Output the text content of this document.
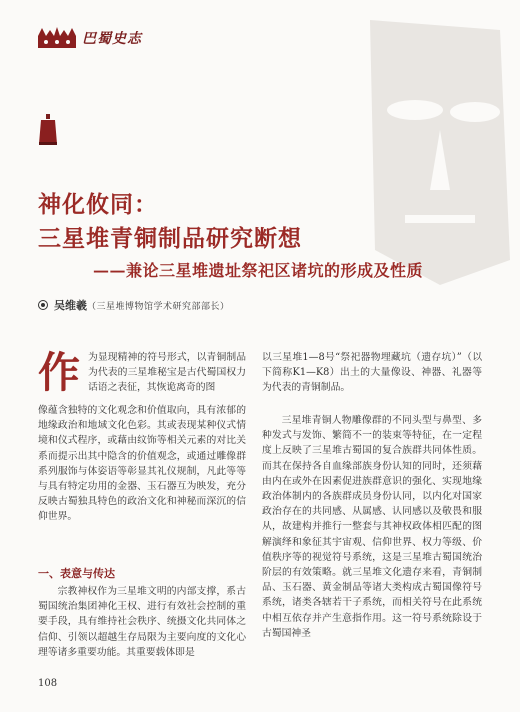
巴蜀史志
神化攸同：
三星堆青铜制品研究断想
——兼论三星堆遗址祭祀区诸坑的形成及性质
吴维羲（三星堆博物馆学术研究部部长）
作 为显现精神的符号形式，以青铜制品为代表的三星堆秘宝是古代蜀国权力话语之表征，其恢诡离奇的图

像蕴含独特的文化观念和价值取向，具有浓郁的地缘政治和地域文化色彩。其或表现某种仪式情境和仪式程序，或藉由纹饰等相关元素的对比关系而提示出其中隐含的价值观念，或通过雕像群系列服饰与体姿语等彰显其礼仪规制，凡此等等与具有特定功用的金器、玉石器互为映发，充分反映古蜀独具特色的政治文化和神秘而深沉的信仰世界。

一、表意与传达

宗教神权作为三星堆文明的内部支撑，系古蜀国统治集团神化王权、进行有效社会控制的重要手段，具有维持社会秩序、统摄文化共同体之信仰、引领以超越生存局限为主要向度的文化心理等诸多重要功能。其重要载体即是

以三星堆1—8号“祭祀器物埋藏坑（遗存坑）”（以下简称K1—K8）出土的大量像设、神器、礼器等为代表的青铜制品。

三星堆青铜人物雕像群的不同头型与鼻型、多种发式与发饰、繁简不一的装束等特征，在一定程度上反映了三星堆古蜀国的复合族群共同体性质。而其在保持各自血缘部族身份认知的同时，还须藉由内在或外在因素促进族群意识的强化、实现地缘政治体制内的各族群成员身份认同，以内化对国家政治存在的共同感、从属感、认同感以及敬畏和服从，故建构并推行一整套与其神权政体相匹配的图解演绎和象征其宇宙观、信仰世界、权力等级、价值秩序等的视觉符号系统，这是三星堆古蜀国统治阶层的有效策略。就三星堆文化遗存来看，青铜制品、玉石器、黄金制品等诸大类构成古蜀国像符号系统，诸类各辖若干子系统，而相关符号在此系统中相互依存并产生意指作用。这一符号系统除设于古蜀国神圣

108
